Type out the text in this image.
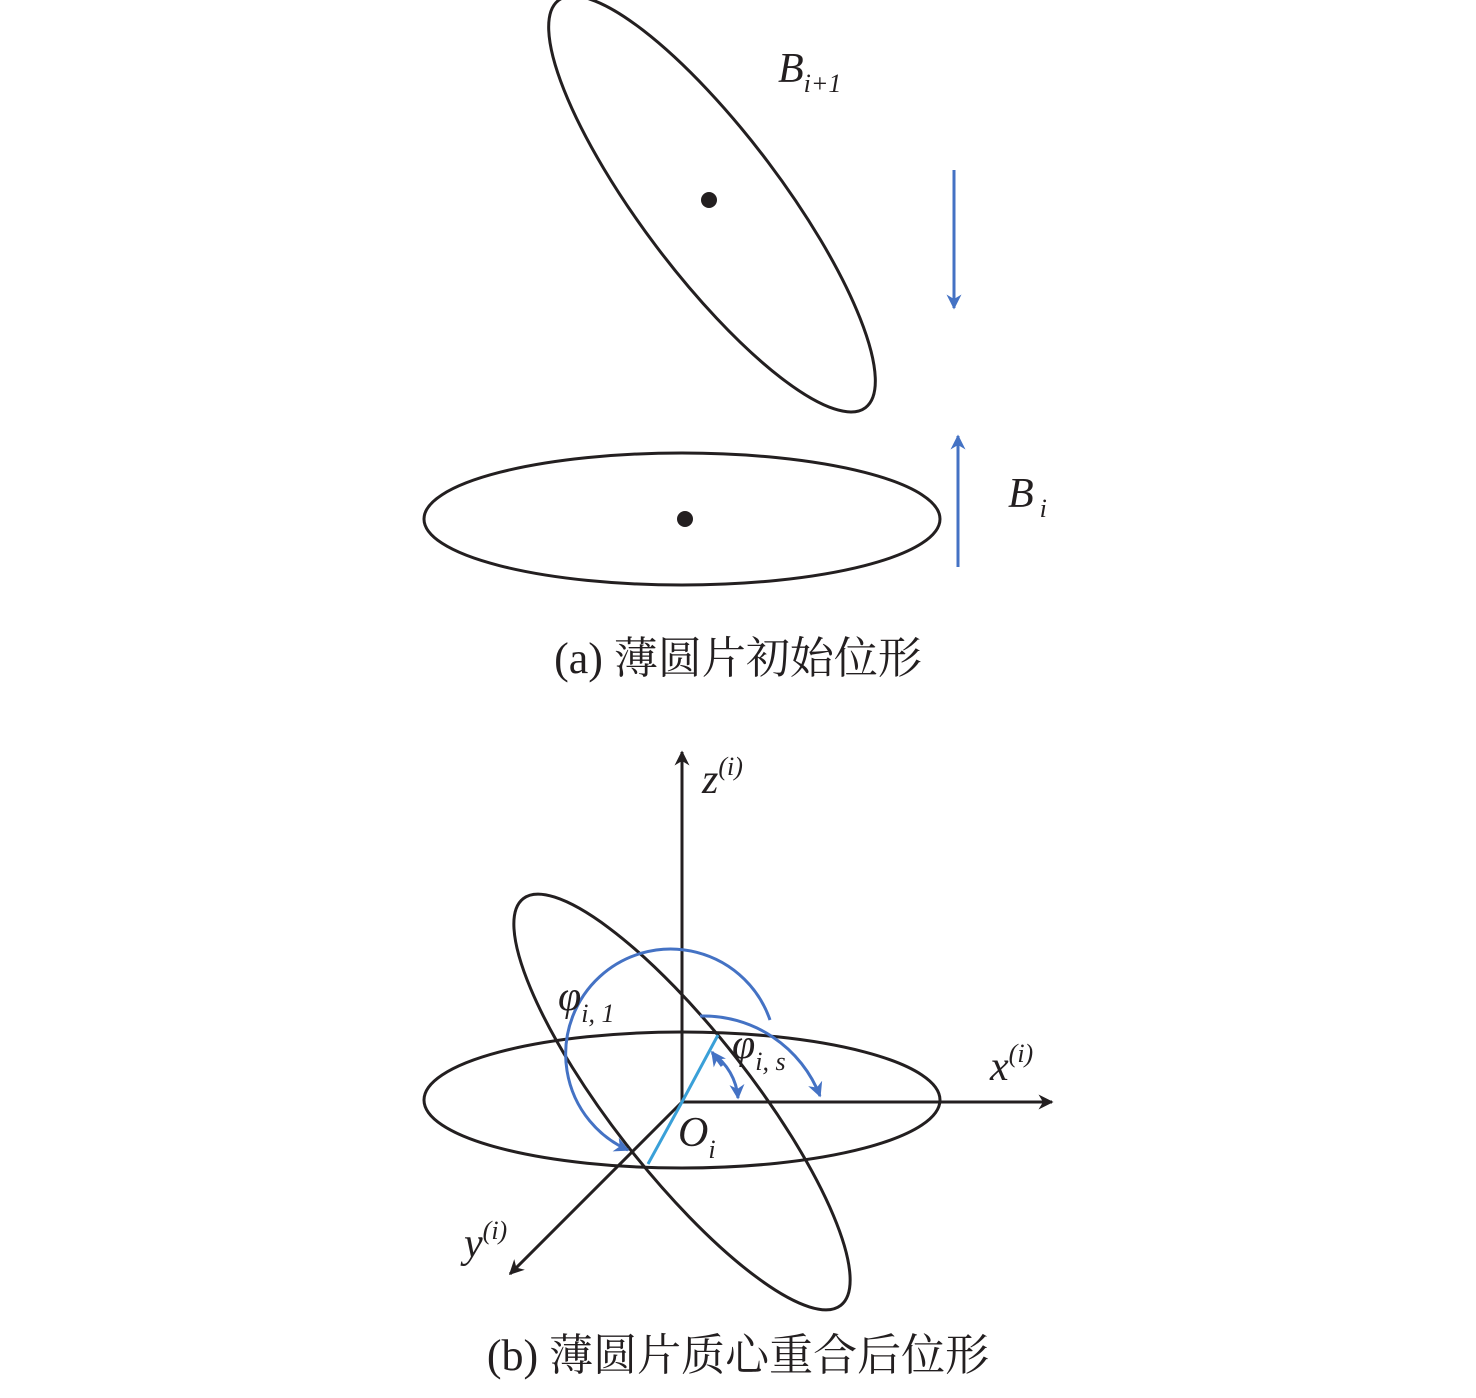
$B_{i+1}$
B $_i$
(a) 薄圆片初始位形
$z^{(i)}$
$x^{(i)}$
$y^{(i)}$
$O_i$
$\varphi_{i, 1}$
$\varphi_{i, s}$
(b) 薄圆片质心重合后位形
